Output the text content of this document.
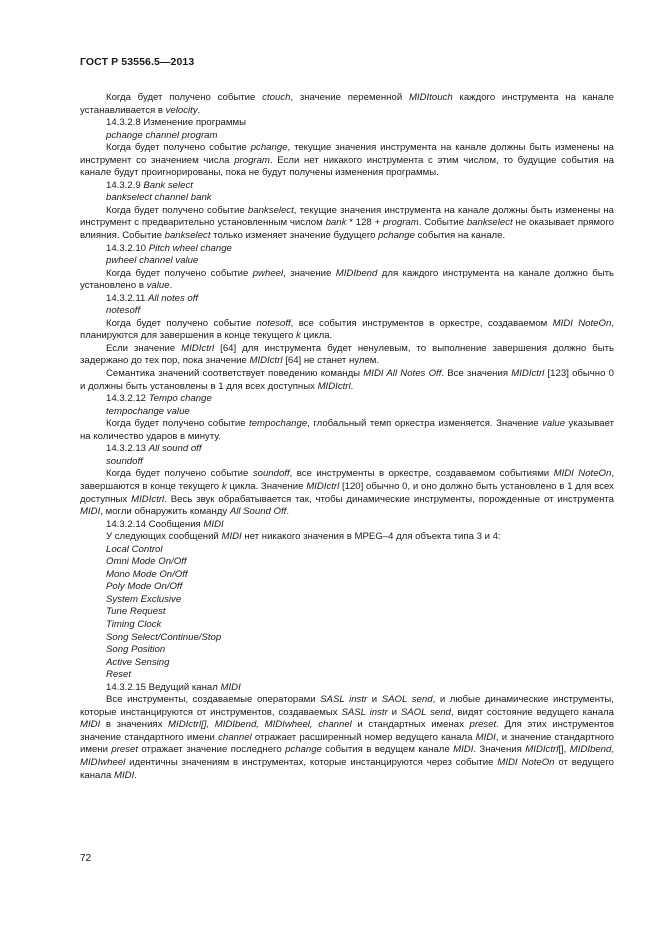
ГОСТ Р 53556.5—2013

Когда будет получено событие ctouch, значение переменной MIDItouch каждого инструмента на канале устанавливается в velocity.

14.3.2.8 Изменение программы

pchange channel program

Когда будет получено событие pchange, текущие значения инструмента на канале должны быть изменены на инструмент со значением числа program. Если нет никакого инструмента с этим числом, то будущие события на канале будут проигнорированы, пока не будут получены изменения программы.

14.3.2.9 Bank select

bankselect channel bank

Когда будет получено событие bankselect, текущие значения инструмента на канале должны быть изменены на инструмент с предварительно установленным числом bank * 128 + program. Событие bankselect не оказывает прямого влияния. Событие bankselect только изменяет значение будущего pchange события на канале.

14.3.2.10 Pitch wheel change

pwheel channel value

Когда будет получено событие pwheel, значение MIDIbend для каждого инструмента на канале должно быть установлено в value.

14.3.2.11 All notes off

notesoff

Когда будет получено событие notesoff, все события инструментов в оркестре, создаваемом MIDI NoteOn, планируются для завершения в конце текущего k цикла.

Если значение MIDIctrl [64] для инструмента будет ненулевым, то выполнение завершения должно быть задержано до тех пор, пока значение MIDIctrl [64] не станет нулем.

Семантика значений соответствует поведению команды MIDI All Notes Off. Все значения MIDIctrl [123] обычно 0 и должны быть установлены в 1 для всех доступных MIDIctrl.

14.3.2.12 Tempo change

tempochange value

Когда будет получено событие tempochange, глобальный темп оркестра изменяется. Значение value указывает на количество ударов в минуту.

14.3.2.13 All sound off

soundoff

Когда будет получено событие soundoff, все инструменты в оркестре, создаваемом событиями MIDI NoteOn, завершаются в конце текущего k цикла. Значение MIDIctrl [120] обычно 0, и оно должно быть установлено в 1 для всех доступных MIDIctrl. Весь звук обрабатывается так, чтобы динамические инструменты, порожденные от инструмента MIDI, могли обнаружить команду All Sound Off.

14.3.2.14 Сообщения MIDI

У следующих сообщений MIDI нет никакого значения в MPEG–4 для объекта типа 3 и 4:

Local Control

Omni Mode On/Off

Mono Mode On/Off

Poly Mode On/Off

System Exclusive

Tune Request

Timing Clock

Song Select/Continue/Stop

Song Position

Active Sensing

Reset

14.3.2.15 Ведущий канал MIDI

Все инструменты, создаваемые операторами SASL instr и SAOL send, и любые динамические инструменты, которые инстанцируются от инструментов, создаваемых SASL instr и SAOL send, видят состояние ведущего канала MIDI в значениях MIDIctrl[], MIDIbend, MIDIwheel, channel и стандартных именах preset. Для этих инструментов значение стандартного имени channel отражает расширенный номер ведущего канала MIDI, и значение стандартного имени preset отражает значение последнего pchange события в ведущем канале MIDI. Значения MIDIctrl[], MIDIbend, MIDIwheel идентичны значениям в инструментах, которые инстанцируются через событие MIDI NoteOn от ведущего канала MIDI.

72
